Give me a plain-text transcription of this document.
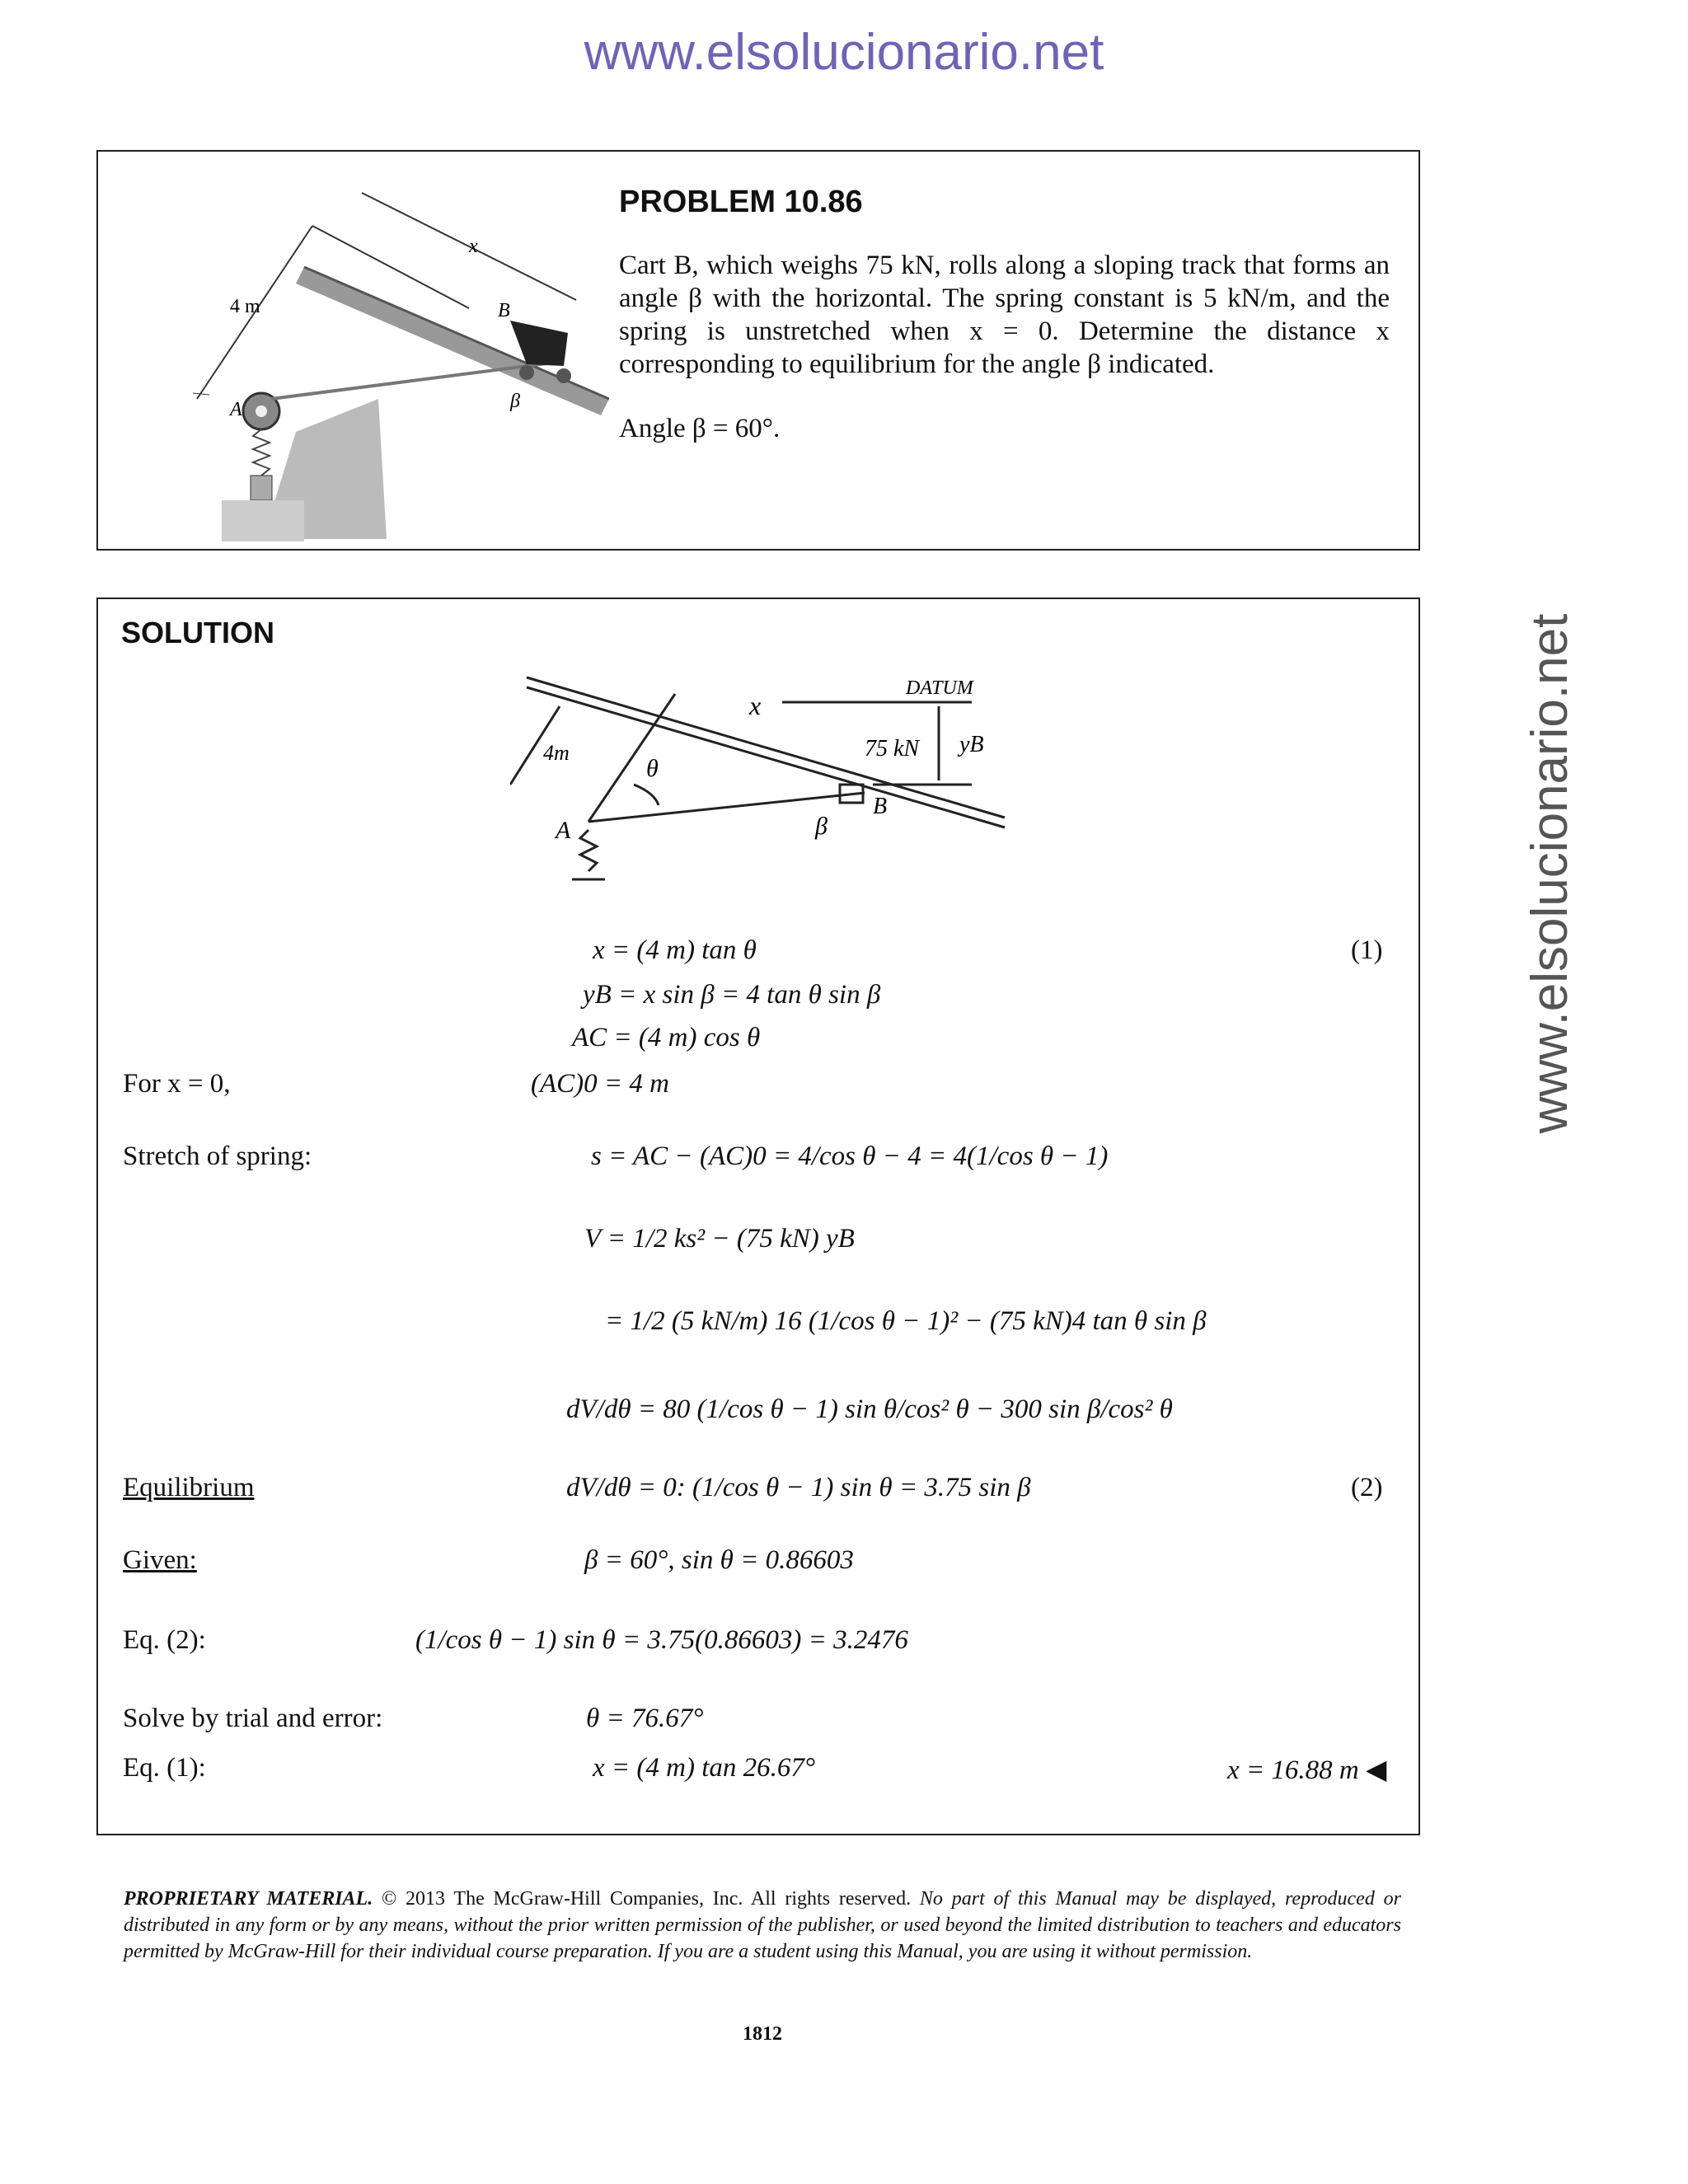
www.elsolucionario.net
www.elsolucionario.net
x
4 m
A
B
β
PROBLEM 10.86
Cart B, which weighs 75 kN, rolls along a sloping track that forms an angle β with the horizontal. The spring constant is 5 kN/m, and the spring is unstretched when x = 0. Determine the distance x corresponding to equilibrium for the angle β indicated.
Angle β = 60°.
SOLUTION
x
4m
θ
75 kN
B
A	β
DATUM
yB
x = (4 m) tan θ	(1)
yB = x sin β = 4 tan θ sin β
AC = (4 m) cos θ
For x = 0,	(AC)0 = 4 m
Stretch of spring:	s = AC − (AC)0 = 4/cos θ − 4 = 4(1/cos θ − 1)
V = 1/2 ks² − (75 kN) yB
= 1/2 (5 kN/m) 16 (1/cos θ − 1)² − (75 kN)4 tan θ sin β
dV/dθ = 80 (1/cos θ − 1) sin θ/cos² θ − 300 sin β/cos² θ
Equilibrium	dV/dθ = 0: (1/cos θ − 1) sin θ = 3.75 sin β	(2)
Given:	β = 60°, sin θ = 0.86603
Eq. (2):	(1/cos θ − 1) sin θ = 3.75(0.86603) = 3.2476
Solve by trial and error:	θ = 76.67°
Eq. (1):	x = (4 m) tan 26.67°	x = 16.88 m ◀
PROPRIETARY MATERIAL. © 2013 The McGraw-Hill Companies, Inc. All rights reserved. No part of this Manual may be displayed, reproduced or distributed in any form or by any means, without the prior written permission of the publisher, or used beyond the limited distribution to teachers and educators permitted by McGraw-Hill for their individual course preparation. If you are a student using this Manual, you are using it without permission.
1812
